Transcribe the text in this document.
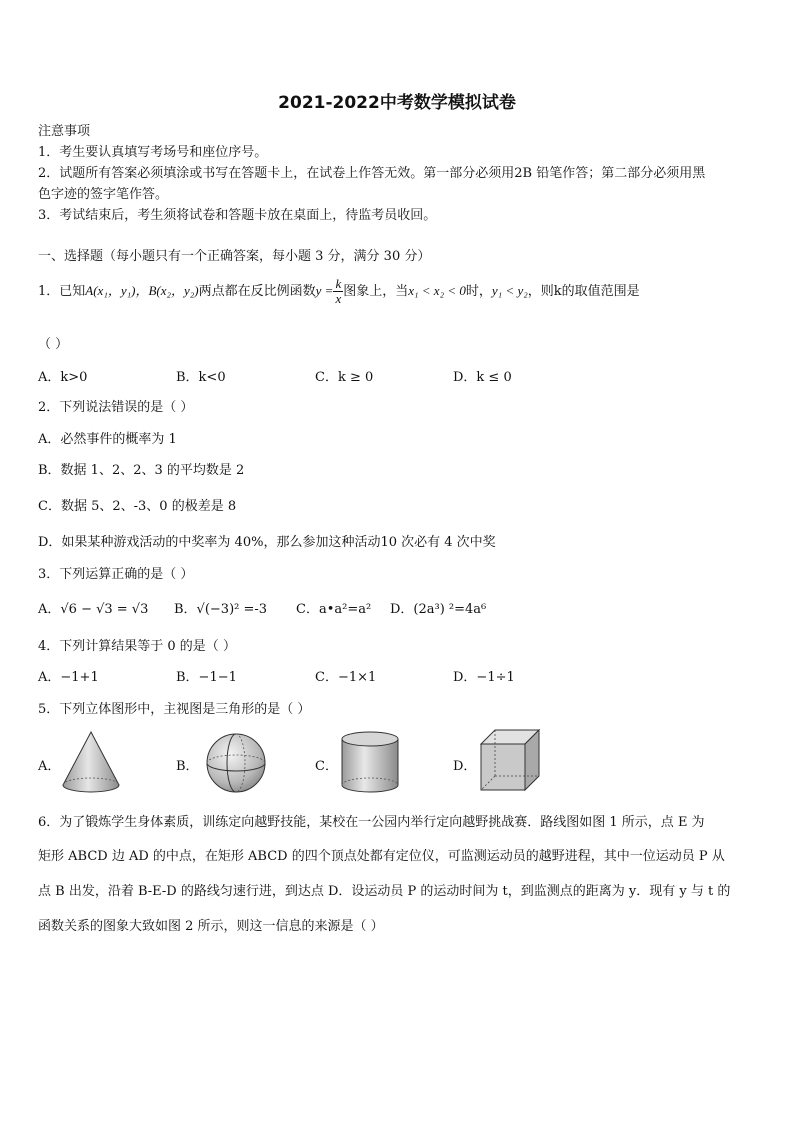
2021-2022中考数学模拟试卷
注意事项
1．考生要认真填写考场号和座位序号。
2．试题所有答案必须填涂或书写在答题卡上，在试卷上作答无效。第一部分必须用2B 铅笔作答；第二部分必须用黑
色字迹的签字笔作答。
3．考试结束后，考生须将试卷和答题卡放在桌面上，待监考员收回。
一、选择题（每小题只有一个正确答案，每小题 3 分，满分 30 分）
1．已知A(x₁，y₁)，B(x₂，y₂)两点都在反比例函数$y = \frac{k}{x}$ 图象上，当x₁ < x₂ < 0时，y₁ < y₂，则k的取值范围是
（ ）
A．k>0	B．k<0	C．k ≥ 0	D．k ≤ 0
2．下列说法错误的是（ ）
A．必然事件的概率为 1
B．数据 1、2、2、3 的平均数是 2
C．数据 5、2、-3、0 的极差是 8
D．如果某种游戏活动的中奖率为 40%，那么参加这种活动10 次必有 4 次中奖
3．下列运算正确的是（ ）
A．√6 − √3 = √3 B．√(−3)² =-3 C．a•a²=a² D．(2a³) ²=4a⁶
4．下列计算结果等于 0 的是（ ）
A．−1+1	B．−1−1	C．−1×1	D．−1÷1
5．下列立体图形中，主视图是三角形的是（ ）
A．	B．	C．	D．
6．为了锻炼学生身体素质，训练定向越野技能，某校在一公园内举行定向越野挑战赛．路线图如图 1 所示，点 E 为
矩形 ABCD 边 AD 的中点，在矩形 ABCD 的四个顶点处都有定位仪，可监测运动员的越野进程，其中一位运动员 P 从
点 B 出发，沿着 B-E-D 的路线匀速行进，到达点 D．设运动员 P 的运动时间为 t，到监测点的距离为 y．现有 y 与 t 的
函数关系的图象大致如图 2 所示，则这一信息的来源是（ ）
